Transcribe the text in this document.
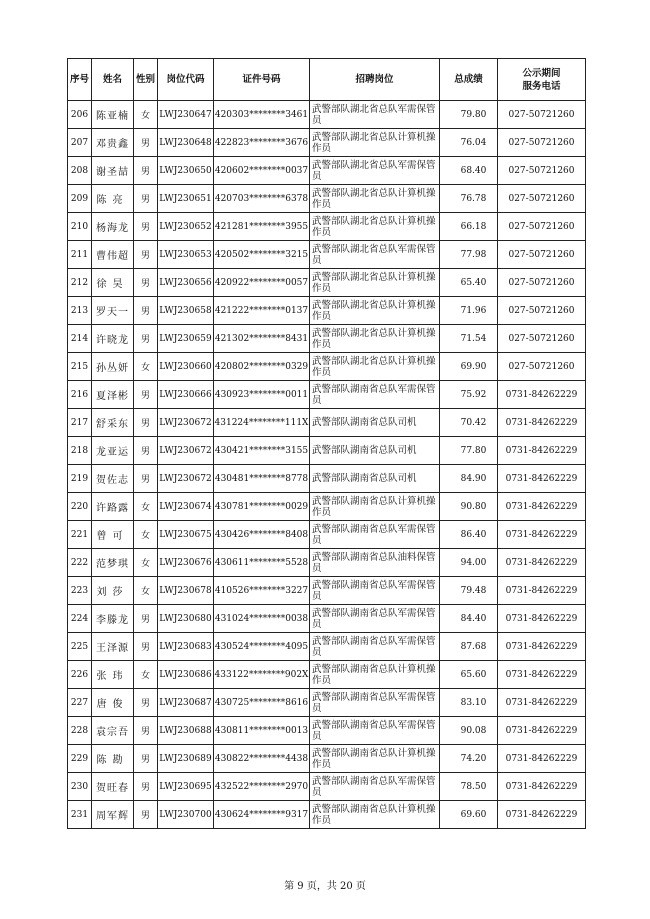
序号	姓名	性别	岗位代码	证件号码	招聘岗位	总成绩	公示期间
服务电话

206	陈亚楠	女	LWJ230647	420303********3461	武警部队湖北省总队军需保管员	79.80	027-50721260
207	邓贵鑫	男	LWJ230648	422823********3676	武警部队湖北省总队计算机操作员	76.04	027-50721260
208	谢圣喆	男	LWJ230650	420602********0037	武警部队湖北省总队军需保管员	68.40	027-50721260
209	陈亮	男	LWJ230651	420703********6378	武警部队湖北省总队计算机操作员	76.78	027-50721260
210	杨海龙	男	LWJ230652	421281********3955	武警部队湖北省总队计算机操作员	66.18	027-50721260
211	曹伟超	男	LWJ230653	420502********3215	武警部队湖北省总队军需保管员	77.98	027-50721260
212	徐昊	男	LWJ230656	420922********0057	武警部队湖北省总队计算机操作员	65.40	027-50721260
213	罗天一	男	LWJ230658	421222********0137	武警部队湖北省总队计算机操作员	71.96	027-50721260
214	许晓龙	男	LWJ230659	421302********8431	武警部队湖北省总队计算机操作员	71.54	027-50721260
215	孙丛妍	女	LWJ230660	420802********0329	武警部队湖北省总队计算机操作员	69.90	027-50721260
216	夏泽彬	男	LWJ230666	430923********0011	武警部队湖南省总队军需保管员	75.92	0731-84262229
217	舒采东	男	LWJ230672	431224********111X	武警部队湖南省总队司机	70.42	0731-84262229
218	龙亚运	男	LWJ230672	430421********3155	武警部队湖南省总队司机	77.80	0731-84262229
219	贺佐志	男	LWJ230672	430481********8778	武警部队湖南省总队司机	84.90	0731-84262229
220	许路露	女	LWJ230674	430781********0029	武警部队湖南省总队计算机操作员	90.80	0731-84262229
221	曾可	女	LWJ230675	430426********8408	武警部队湖南省总队军需保管员	86.40	0731-84262229
222	范梦琪	女	LWJ230676	430611********5528	武警部队湖南省总队油料保管员	94.00	0731-84262229
223	刘莎	女	LWJ230678	410526********3227	武警部队湖南省总队军需保管员	79.48	0731-84262229
224	李滕龙	男	LWJ230680	431024********0038	武警部队湖南省总队军需保管员	84.40	0731-84262229
225	王泽源	男	LWJ230683	430524********4095	武警部队湖南省总队军需保管员	87.68	0731-84262229
226	张玮	女	LWJ230686	433122********902X	武警部队湖南省总队计算机操作员	65.60	0731-84262229
227	唐俊	男	LWJ230687	430725********8616	武警部队湖南省总队军需保管员	83.10	0731-84262229
228	袁宗吾	男	LWJ230688	430811********0013	武警部队湖南省总队军需保管员	90.08	0731-84262229
229	陈勘	男	LWJ230689	430822********4438	武警部队湖南省总队计算机操作员	74.20	0731-84262229
230	贺旺春	男	LWJ230695	432522********2970	武警部队湖南省总队军需保管员	78.50	0731-84262229
231	周军辉	男	LWJ230700	430624********9317	武警部队湖南省总队计算机操作员	69.60	0731-84262229
第 9 页，共 20 页
